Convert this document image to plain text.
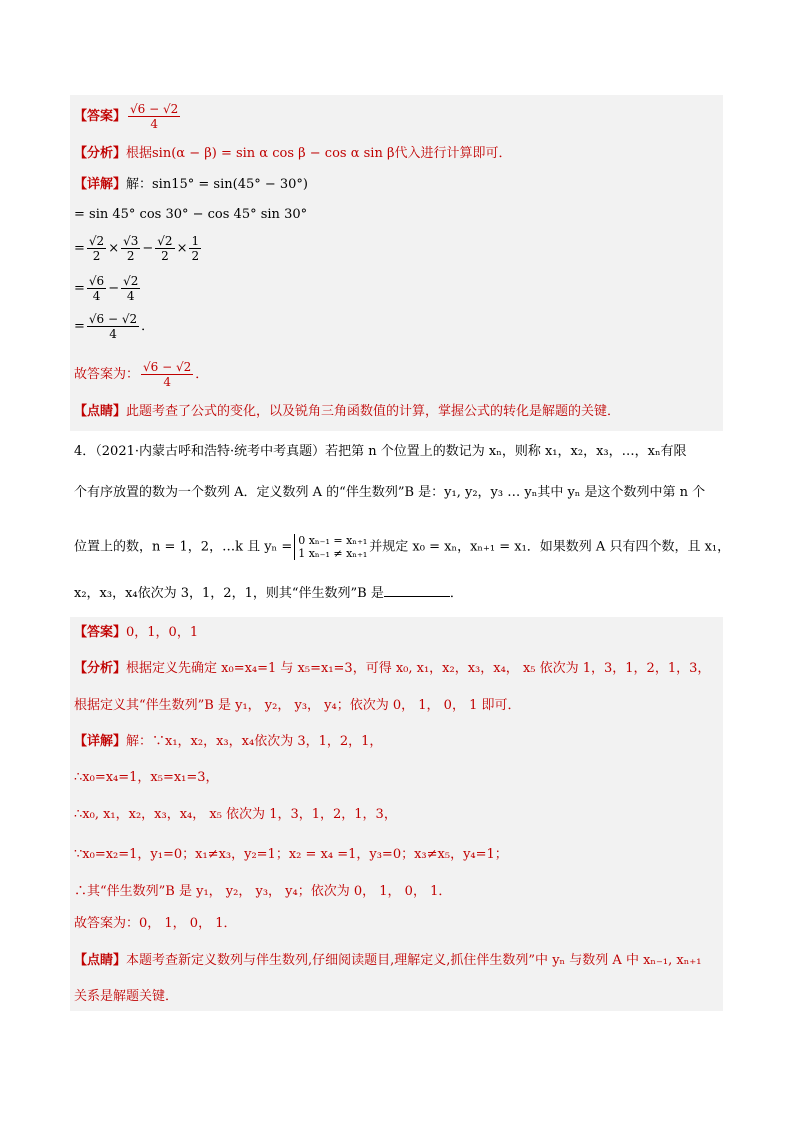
【答案】 $\frac{√6 - √2}{4}$
【分析】根据sin(α − β) = sin α cos β − cos α sin β代入进行计算即可．
【详解】解：sin15° = sin(45° − 30°)
= sin 45° cos 30° − cos 45° sin 30°
= $\frac{√2}{2} \times \frac{√3}{2} - \frac{√2}{2} \times \frac{1}{2}$
= $\frac{√6}{4} - \frac{√2}{4}$
= $\frac{√6 - √2}{4}$ ．
故答案为： $\frac{√6 - √2}{4}$ ．
【点睛】此题考查了公式的变化，以及锐角三角函数值的计算，掌握公式的转化是解题的关键．
4．（2021·内蒙古呼和浩特·统考中考真题）若把第 n 个位置上的数记为 xₙ，则称 x₁，x₂，x₃，…，xₙ有限
个有序放置的数为一个数列 A．定义数列 A 的“伴生数列”B 是：y₁, y₂，y₃ … yₙ其中 yₙ 是这个数列中第 n 个
位置上的数，n = 1，2，…k 且 yₙ = 0 xₙ₋₁ = xₙ₊₁
1 xₙ₋₁ ≠ xₙ₊₁ 并规定 x₀ = xₙ，xₙ₊₁ = x₁．如果数列 A 只有四个数，且 x₁，
x₂，x₃，x₄依次为 3，1，2，1，则其“伴生数列”B 是	．
【答案】0，1，0，1
【分析】根据定义先确定 x₀=x₄=1 与 x₅=x₁=3，可得 x₀, x₁，x₂，x₃，x₄， x₅ 依次为 1，3，1，2，1，3，
根据定义其“伴生数列”B 是 y₁， y₂， y₃， y₄；依次为 0， 1， 0， 1 即可．
【详解】解：∵x₁，x₂，x₃，x₄依次为 3，1，2，1，
∴x₀=x₄=1，x₅=x₁=3，
∴x₀, x₁，x₂，x₃，x₄， x₅ 依次为 1，3，1，2，1，3，
∵x₀=x₂=1，y₁=0；x₁≠x₃，y₂=1；x₂ = x₄ =1，y₃=0；x₃≠x₅，y₄=1；
∴其“伴生数列”B 是 y₁， y₂， y₃， y₄；依次为 0， 1， 0， 1．
故答案为：0， 1， 0， 1．
【点睛】本题考查新定义数列与伴生数列,仔细阅读题目,理解定义,抓住伴生数列”中 yₙ 与数列 A 中 xₙ₋₁, xₙ₊₁
关系是解题关键．
